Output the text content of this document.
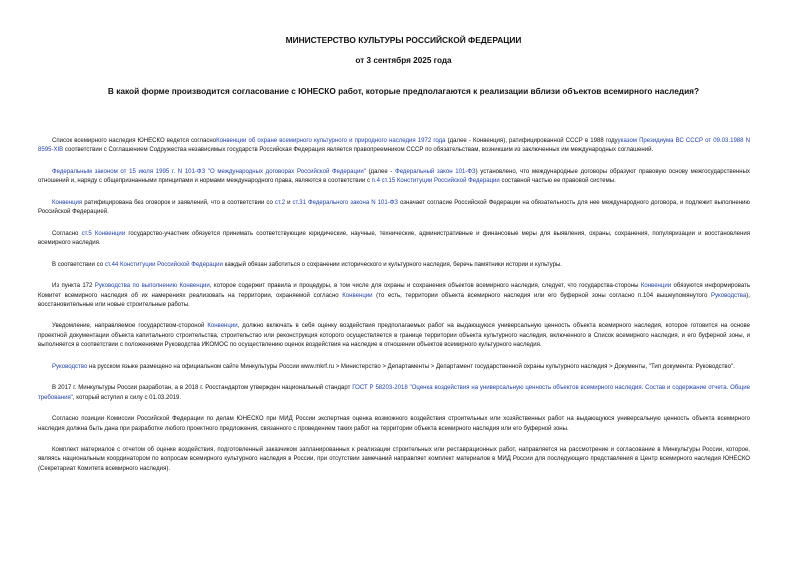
МИНИСТЕРСТВО КУЛЬТУРЫ РОССИЙСКОЙ ФЕДЕРАЦИИ
от 3 сентября 2025 года
В какой форме производится согласование с ЮНЕСКО работ, которые предполагаются к реализации вблизи объектов всемирного наследия?

Список всемирного наследия ЮНЕСКО ведется согласноКонвенции об охране всемирного культурного и природного наследия 1972 года (далее - Конвенция), ратифицированной СССР в 1988 годууказом Президиума ВС СССР от 09.03.1988 N 8595-XIВ соответствии с Соглашением Содружества независимых государств Российская Федерация является правопреемником СССР по обязательствам, возникшим из заключенных им международных соглашений.

Федеральным законом от 15 июля 1995 г. N 101-ФЗ "О международных договорах Российской Федерации" (далее - Федеральный закон 101-ФЗ) установлено, что международные договоры образуют правовую основу межгосударственных отношений и, наряду с общепризнанными принципами и нормами международного права, являются в соответствии с п.4 ст.15 Конституции Российской Федерации составной частью ее правовой системы.

Конвенция ратифицирована без оговорок и заявлений, что в соответствии со ст.2 и ст.31 Федерального закона N 101-ФЗ означает согласие Российской Федерации на обязательность для нее международного договора, и подлежит выполнению Российской Федерацией.

Согласно ст.5 Конвенции государство-участник обязуется принимать соответствующие юридические, научные, технические, административные и финансовые меры для выявления, охраны, сохранения, популяризации и восстановления всемирного наследия.

В соответствии со ст.44 Конституции Российской Федерации каждый обязан заботиться о сохранении исторического и культурного наследия, беречь памятники истории и культуры.

Из пункта 172 Руководства по выполнению Конвенции, которое содержит правила и процедуры, в том числе для охраны и сохранения объектов всемирного наследия, следует, что государства-стороны Конвенции обязуются информировать Комитет всемирного наследия об их намерениях реализовать на территории, охраняемой согласно Конвенции (то есть, территории объекта всемирного наследия или его буферной зоны согласно п.104 вышеупомянутого Руководства), восстановительные или новые строительные работы.

Уведомление, направляемое государством-стороной Конвенции, должно включать в себя оценку воздействия предполагаемых работ на выдающуюся универсальную ценность объекта всемирного наследия, которое готовится на основе проектной документации объекта капитального строительства, строительство или реконструкция которого осуществляется в границе территории объекта культурного наследия, включенного в Список всемирного наследия, и его буферной зоны, и выполняется в соответствии с положениями Руководства ИКОМОС по осуществлению оценок воздействия на наследие в отношении объектов всемирного культурного наследия.

Руководство на русском языке размещено на официальном сайте Минкультуры России www.mkrf.ru > Министерство > Департаменты > Департамент государственной охраны культурного наследия > Документы, "Тип документа: Руководство".

В 2017 г. Минкультуры России разработан, а в 2018 г. Росстандартом утвержден национальный стандарт ГОСТ Р 58203-2018 "Оценка воздействия на универсальную ценность объектов всемирного наследия. Состав и содержание отчета. Общие требования", который вступил в силу с 01.03.2019.

Согласно позиции Комиссии Российской Федерации по делам ЮНЕСКО при МИД России экспертная оценка возможного воздействия строительных или хозяйственных работ на выдающуюся универсальную ценность объекта всемирного наследия должна быть дана при разработке любого проектного предложения, связанного с проведением таких работ на территории объекта всемирного наследия или его буферной зоны.

Комплект материалов с отчетом об оценке воздействия, подготовленный заказчиком запланированных к реализации строительных или реставрационных работ, направляется на рассмотрение и согласование в Минкультуры России, которое, являясь национальным координатором по вопросам всемирного культурного наследия в России, при отсутствии замечаний направляет комплект материалов в МИД России для последующего представления в Центр всемирного наследия ЮНЕСКО (Секретариат Комитета всемирного наследия).
